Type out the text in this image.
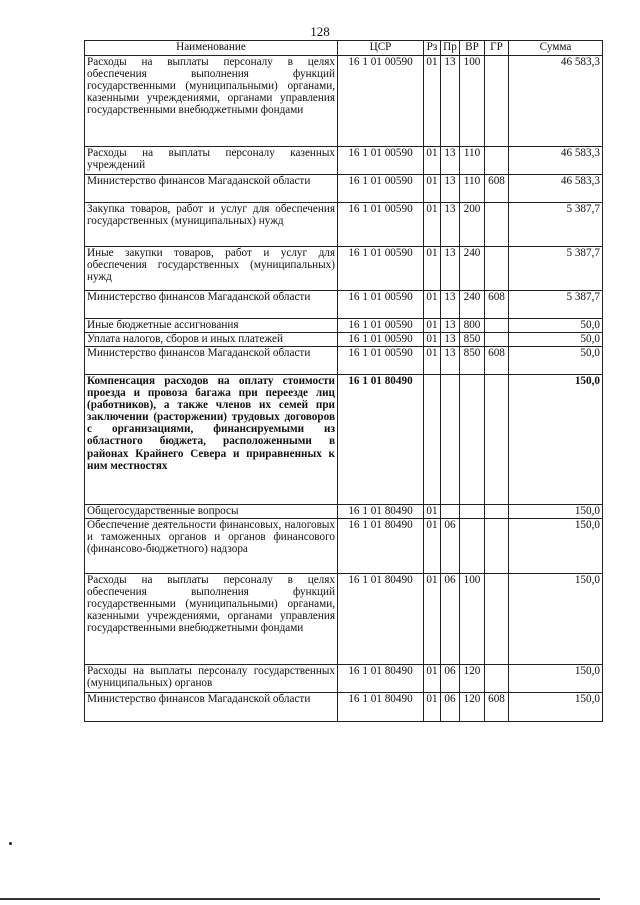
128
Наименование	ЦСР	Рз	Пр	ВР	ГР	Сумма
Расходы на выплаты персоналу в целях обеспечения выполнения функций государственными (муниципальными) органами, казенными учреждениями, органами управления государственными внебюджетными фондами	16 1 01 00590	01	13	100		46 583,3
Расходы на выплаты персоналу казенных учреждений	16 1 01 00590	01	13	110		46 583,3
Министерство финансов Магаданской области	16 1 01 00590	01	13	110	608	46 583,3
Закупка товаров, работ и услуг для обеспечения государственных (муниципальных) нужд	16 1 01 00590	01	13	200		5 387,7
Иные закупки товаров, работ и услуг для обеспечения государственных (муниципальных) нужд	16 1 01 00590	01	13	240		5 387,7
Министерство финансов Магаданской области	16 1 01 00590	01	13	240	608	5 387,7
Иные бюджетные ассигнования	16 1 01 00590	01	13	800		50,0
Уплата налогов, сборов и иных платежей	16 1 01 00590	01	13	850		50,0
Министерство финансов Магаданской области	16 1 01 00590	01	13	850	608	50,0
Компенсация расходов на оплату стоимости проезда и провоза багажа при переезде лиц (работников), а также членов их семей при заключении (расторжении) трудовых договоров с организациями, финансируемыми из областного бюджета, расположенными в районах Крайнего Севера и приравненных к ним местностях	16 1 01 80490					150,0
Общегосударственные вопросы	16 1 01 80490	01				150,0
Обеспечение деятельности финансовых, налоговых и таможенных органов и органов финансового (финансово-бюджетного) надзора	16 1 01 80490	01	06			150,0
Расходы на выплаты персоналу в целях обеспечения выполнения функций государственными (муниципальными) органами, казенными учреждениями, органами управления государственными внебюджетными фондами	16 1 01 80490	01	06	100		150,0
Расходы на выплаты персоналу государственных (муниципальных) органов	16 1 01 80490	01	06	120		150,0
Министерство финансов Магаданской области	16 1 01 80490	01	06	120	608	150,0
